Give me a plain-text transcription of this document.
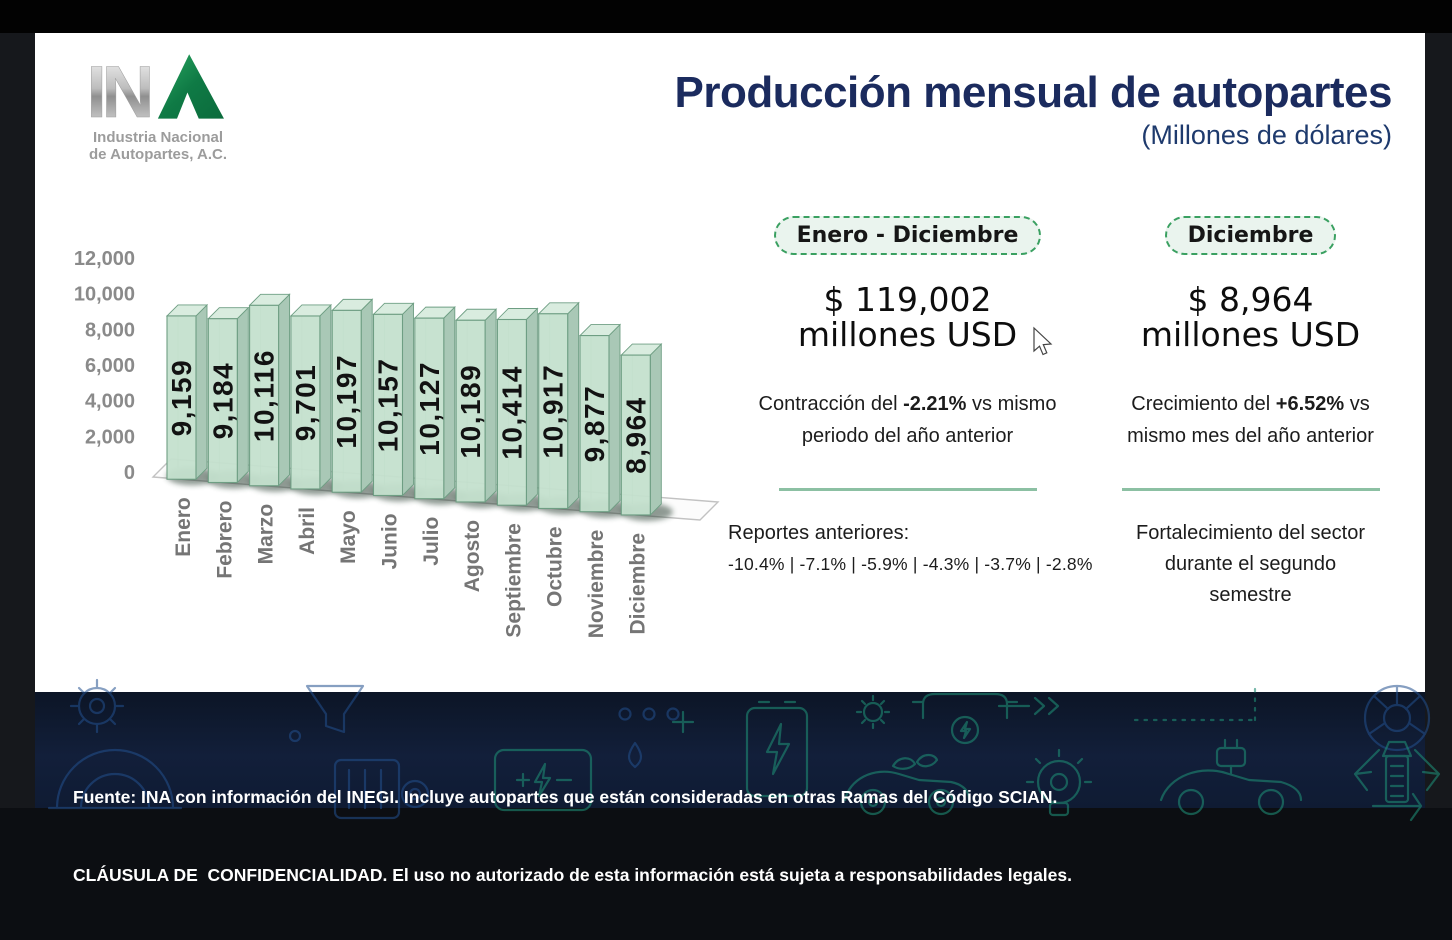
IN
Industria Nacional
de Autopartes, A.C.
Producción mensual de autopartes
(Millones de dólares)
0
2,000
4,000
6,000
8,000
10,000
12,000
9,159
Enero
9,184
Febrero
10,116
Marzo
9,701
Abril
10,197
Mayo
10,157
Junio
10,127
Julio
10,189
Agosto
10,414
Septiembre
10,917
Octubre
9,877
Noviembre
8,964
Diciembre
Enero - Diciembre
$ 119,002
millones USD
Contracción del -2.21% vs mismo
periodo del año anterior
Reportes anteriores:
-10.4% | -7.1% | -5.9% | -4.3% | -3.7% | -2.8%
Diciembre
$ 8,964
millones USD
Crecimiento del +6.52% vs
mismo mes del año anterior
Fortalecimiento del sector
durante el segundo
semestre

Fuente: INA con información del INEGI. Incluye autopartes que están consideradas en otras Ramas del Código SCIAN.

CLÁUSULA DE  CONFIDENCIALIDAD. El uso no autorizado de esta información está sujeta a responsabilidades legales.
